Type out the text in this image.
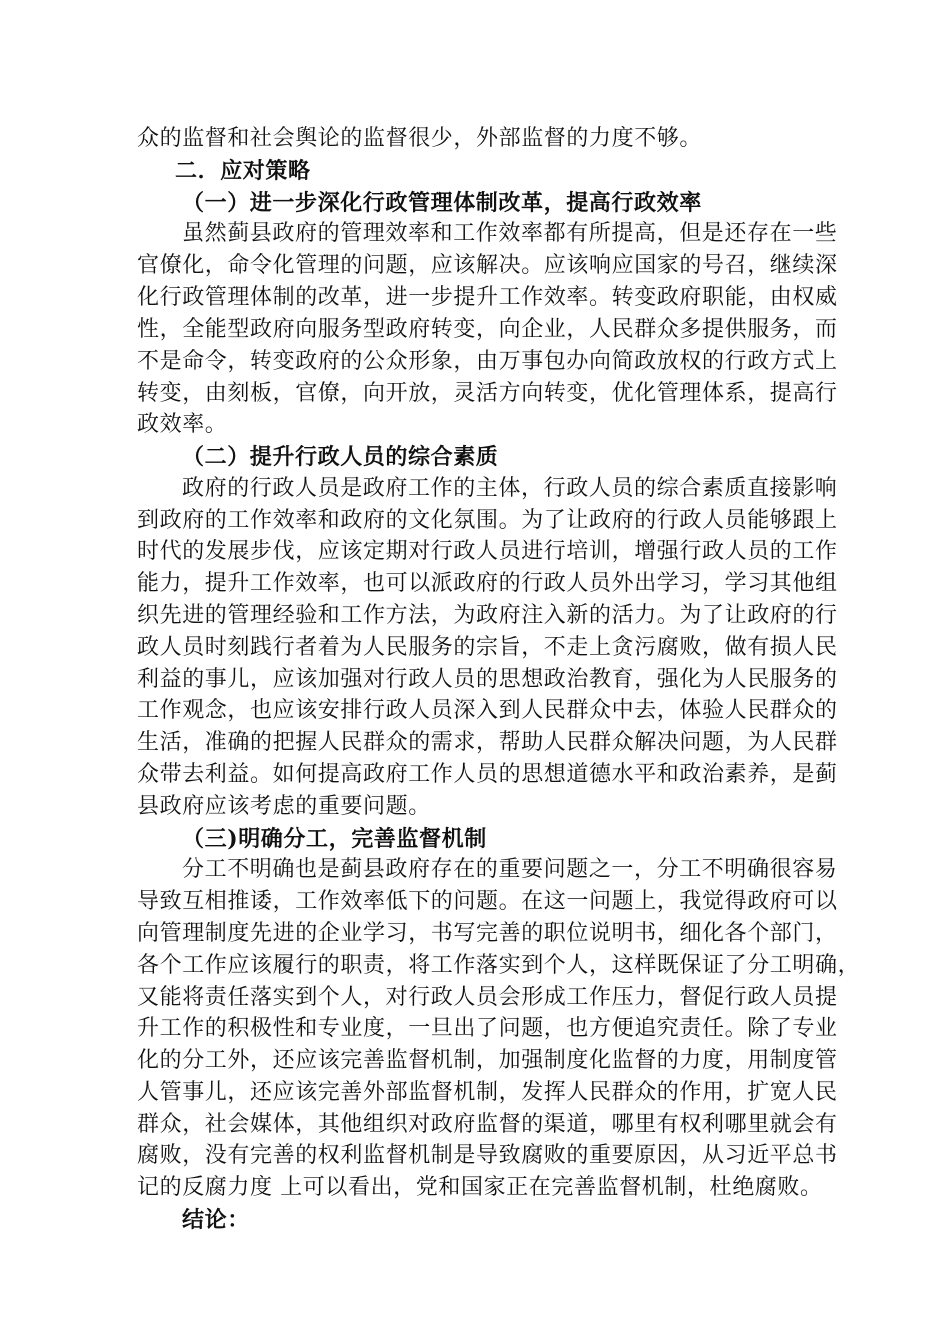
众的监督和社会舆论的监督很少，外部监督的力度不够。
二．应对策略
（一）进一步深化行政管理体制改革，提高行政效率
虽然蓟县政府的管理效率和工作效率都有所提高，但是还存在一些
官僚化，命令化管理的问题，应该解决。应该响应国家的号召，继续深
化行政管理体制的改革，进一步提升工作效率。转变政府职能，由权威
性，全能型政府向服务型政府转变，向企业，人民群众多提供服务，而
不是命令，转变政府的公众形象，由万事包办向简政放权的行政方式上
转变，由刻板，官僚，向开放，灵活方向转变，优化管理体系，提高行
政效率。
（二）提升行政人员的综合素质
政府的行政人员是政府工作的主体，行政人员的综合素质直接影响
到政府的工作效率和政府的文化氛围。为了让政府的行政人员能够跟上
时代的发展步伐，应该定期对行政人员进行培训，增强行政人员的工作
能力，提升工作效率，也可以派政府的行政人员外出学习，学习其他组
织先进的管理经验和工作方法，为政府注入新的活力。为了让政府的行
政人员时刻践行者着为人民服务的宗旨，不走上贪污腐败，做有损人民
利益的事儿，应该加强对行政人员的思想政治教育，强化为人民服务的
工作观念，也应该安排行政人员深入到人民群众中去，体验人民群众的
生活，准确的把握人民群众的需求，帮助人民群众解决问题，为人民群
众带去利益。如何提高政府工作人员的思想道德水平和政治素养，是蓟
县政府应该考虑的重要问题。
（三)明确分工，完善监督机制
分工不明确也是蓟县政府存在的重要问题之一，分工不明确很容易
导致互相推诿，工作效率低下的问题。在这一问题上，我觉得政府可以
向管理制度先进的企业学习，书写完善的职位说明书，细化各个部门，
各个工作应该履行的职责，将工作落实到个人，这样既保证了分工明确，
又能将责任落实到个人，对行政人员会形成工作压力，督促行政人员提
升工作的积极性和专业度，一旦出了问题，也方便追究责任。除了专业
化的分工外，还应该完善监督机制，加强制度化监督的力度，用制度管
人管事儿，还应该完善外部监督机制，发挥人民群众的作用，扩宽人民
群众，社会媒体，其他组织对政府监督的渠道，哪里有权利哪里就会有
腐败，没有完善的权利监督机制是导致腐败的重要原因，从习近平总书
记的反腐力度 上可以看出，党和国家正在完善监督机制，杜绝腐败。
结论：
